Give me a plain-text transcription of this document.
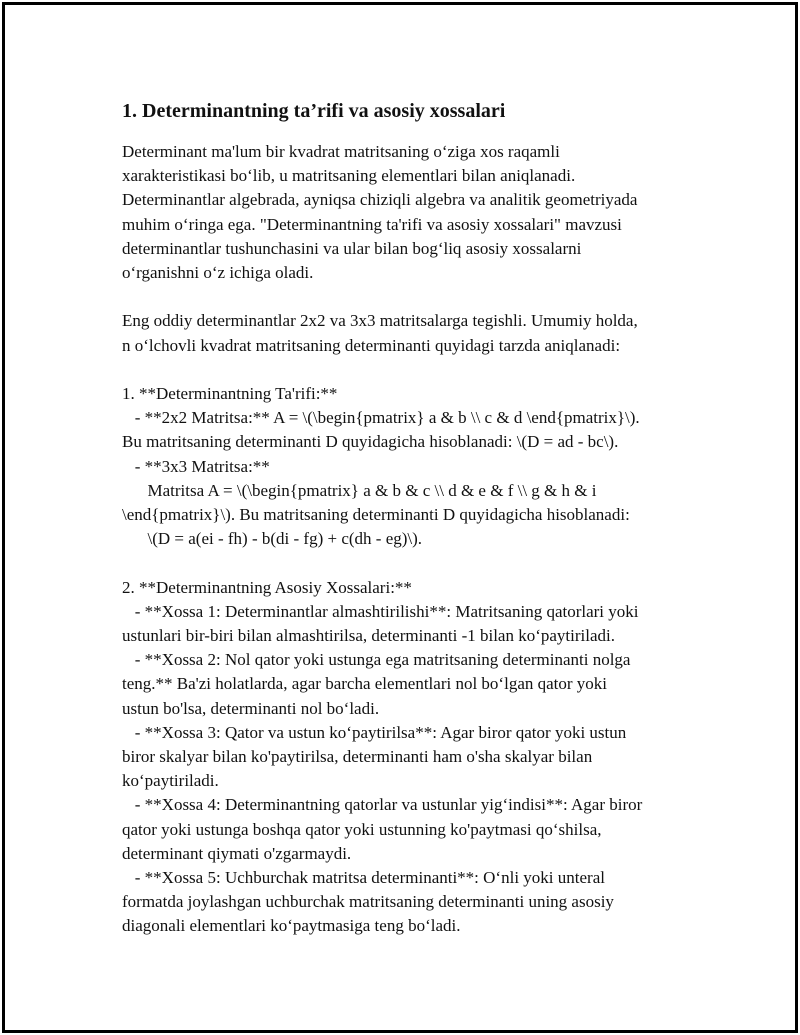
1. Determinantning ta’rifi va asosiy xossalari
Determinant ma'lum bir kvadrat matritsaning o‘ziga xos raqamli
xarakteristikasi bo‘lib, u matritsaning elementlari bilan aniqlanadi.
Determinantlar algebrada, ayniqsa chiziqli algebra va analitik geometriyada
muhim o‘ringa ega. "Determinantning ta'rifi va asosiy xossalari" mavzusi
determinantlar tushunchasini va ular bilan bog‘liq asosiy xossalarni
o‘rganishni o‘z ichiga oladi.
Eng oddiy determinantlar 2x2 va 3x3 matritsalarga tegishli. Umumiy holda,
n o‘lchovli kvadrat matritsaning determinanti quyidagi tarzda aniqlanadi:
1. **Determinantning Ta'rifi:**
- **2x2 Matritsa:** A = \(\begin{pmatrix} a & b \\ c & d \end{pmatrix}\).
Bu matritsaning determinanti D quyidagicha hisoblanadi: \(D = ad - bc\).
- **3x3 Matritsa:**
Matritsa A = \(\begin{pmatrix} a & b & c \\ d & e & f \\ g & h & i
\end{pmatrix}\). Bu matritsaning determinanti D quyidagicha hisoblanadi:
\(D = a(ei - fh) - b(di - fg) + c(dh - eg)\).
2. **Determinantning Asosiy Xossalari:**
- **Xossa 1: Determinantlar almashtirilishi**: Matritsaning qatorlari yoki
ustunlari bir-biri bilan almashtirilsa, determinanti -1 bilan ko‘paytiriladi.
- **Xossa 2: Nol qator yoki ustunga ega matritsaning determinanti nolga
teng.** Ba'zi holatlarda, agar barcha elementlari nol bo‘lgan qator yoki
ustun bo'lsa, determinanti nol bo‘ladi.
- **Xossa 3: Qator va ustun ko‘paytirilsa**: Agar biror qator yoki ustun
biror skalyar bilan ko'paytirilsa, determinanti ham o'sha skalyar bilan
ko‘paytiriladi.
- **Xossa 4: Determinantning qatorlar va ustunlar yig‘indisi**: Agar biror
qator yoki ustunga boshqa qator yoki ustunning ko'paytmasi qo‘shilsa,
determinant qiymati o'zgarmaydi.
- **Xossa 5: Uchburchak matritsa determinanti**: O‘nli yoki unteral
formatda joylashgan uchburchak matritsaning determinanti uning asosiy
diagonali elementlari ko‘paytmasiga teng bo‘ladi.
